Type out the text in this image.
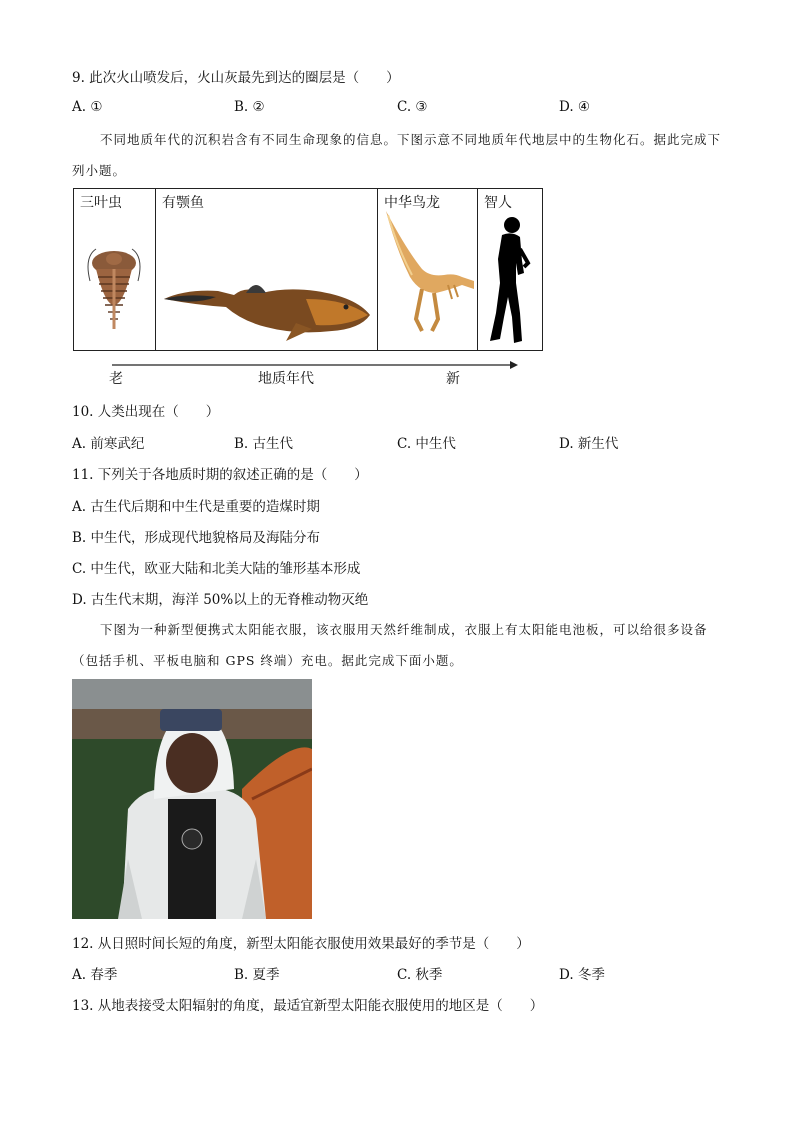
9. 此次火山喷发后，火山灰最先到达的圈层是（　　）
A. ①	B. ②	C. ③	D. ④
不同地质年代的沉积岩含有不同生命现象的信息。下图示意不同地质年代地层中的生物化石。据此完成下列小题。
三叶虫	有颚鱼	中华鸟龙	智人
老	地质年代	新
10. 人类出现在（　　）
A. 前寒武纪	B. 古生代	C. 中生代	D. 新生代
11. 下列关于各地质时期的叙述正确的是（　　）
A. 古生代后期和中生代是重要的造煤时期
B. 中生代，形成现代地貌格局及海陆分布
C. 中生代，欧亚大陆和北美大陆的雏形基本形成
D. 古生代末期，海洋 50%以上的无脊椎动物灭绝
下图为一种新型便携式太阳能衣服，该衣服用天然纤维制成，衣服上有太阳能电池板，可以给很多设备（包括手机、平板电脑和 GPS 终端）充电。据此完成下面小题。
12. 从日照时间长短的角度，新型太阳能衣服使用效果最好的季节是（　　）
A. 春季	B. 夏季	C. 秋季	D. 冬季
13. 从地表接受太阳辐射的角度，最适宜新型太阳能衣服使用的地区是（　　）
